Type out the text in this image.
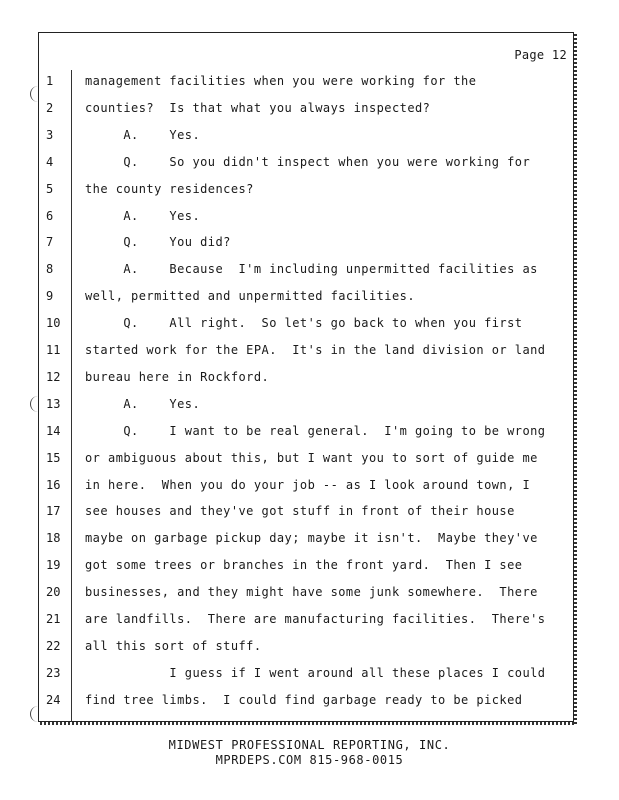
Page 12
1	management facilities when you were working for the
2	counties?  Is that what you always inspected?
3	A.    Yes.
4	Q.    So you didn't inspect when you were working for
5	the county residences?
6	A.    Yes.
7	Q.    You did?
8	A.    Because  I'm including unpermitted facilities as
9	well, permitted and unpermitted facilities.
10	Q.    All right.  So let's go back to when you first
11	started work for the EPA.  It's in the land division or land
12	bureau here in Rockford.
13	A.    Yes.
14	Q.    I want to be real general.  I'm going to be wrong
15	or ambiguous about this, but I want you to sort of guide me
16	in here.  When you do your job -- as I look around town, I
17	see houses and they've got stuff in front of their house
18	maybe on garbage pickup day; maybe it isn't.  Maybe they've
19	got some trees or branches in the front yard.  Then I see
20	businesses, and they might have some junk somewhere.  There
21	are landfills.  There are manufacturing facilities.  There's
22	all this sort of stuff.
23	I guess if I went around all these places I could
24	find tree limbs.  I could find garbage ready to be picked
MIDWEST PROFESSIONAL REPORTING, INC.
MPRDEPS.COM 815-968-0015
